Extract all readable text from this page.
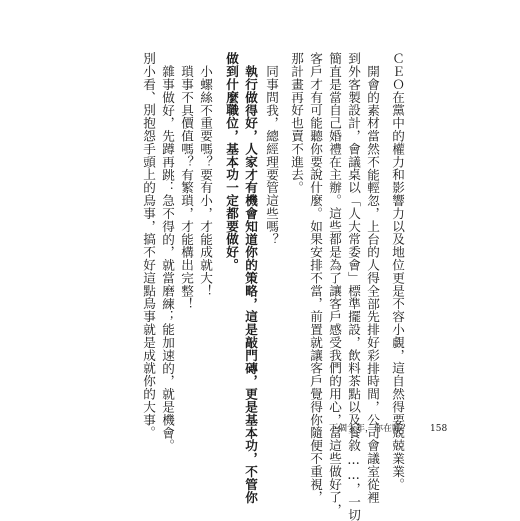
ＣＥＯ在黨中的權力和影響力以及地位更是不容小覷，這自然得要兢兢業業。
開會的素材當然不能輕忽，上台的人得全部先排好彩排時間，公司會議室從裡
到外客製設計，會議桌以「人大常委會」標準擺設，飲料茶點以及餐敘……，一切
簡直是當自己婚禮在主辦。這些都是為了讓客戶感受我們的用心，當這些做好了，
客戶才有可能聽你要說什麼。如果安排不當，前置就讓客戶覺得你隨便不重視，
那計畫再好也賣不進去。
同事問我，總經理要管這些嗎？
執行做得好，人家才有機會知道你的策略，這是敲門磚，更是基本功，不管你
做到什麼職位，基本功一定都要做好。
小螺絲不重要嗎？要有小，才能成就大！
瑣事不具價值嗎？有繁瑣，才能構出完整！
雜事做好，先蹲再跳：急不得的，就當磨練；能加速的，就是機會。
別小看、別抱怨手頭上的鳥事，搞不好這點鳥事就是成就你的大事。	下個十年，你在哪？ 158
